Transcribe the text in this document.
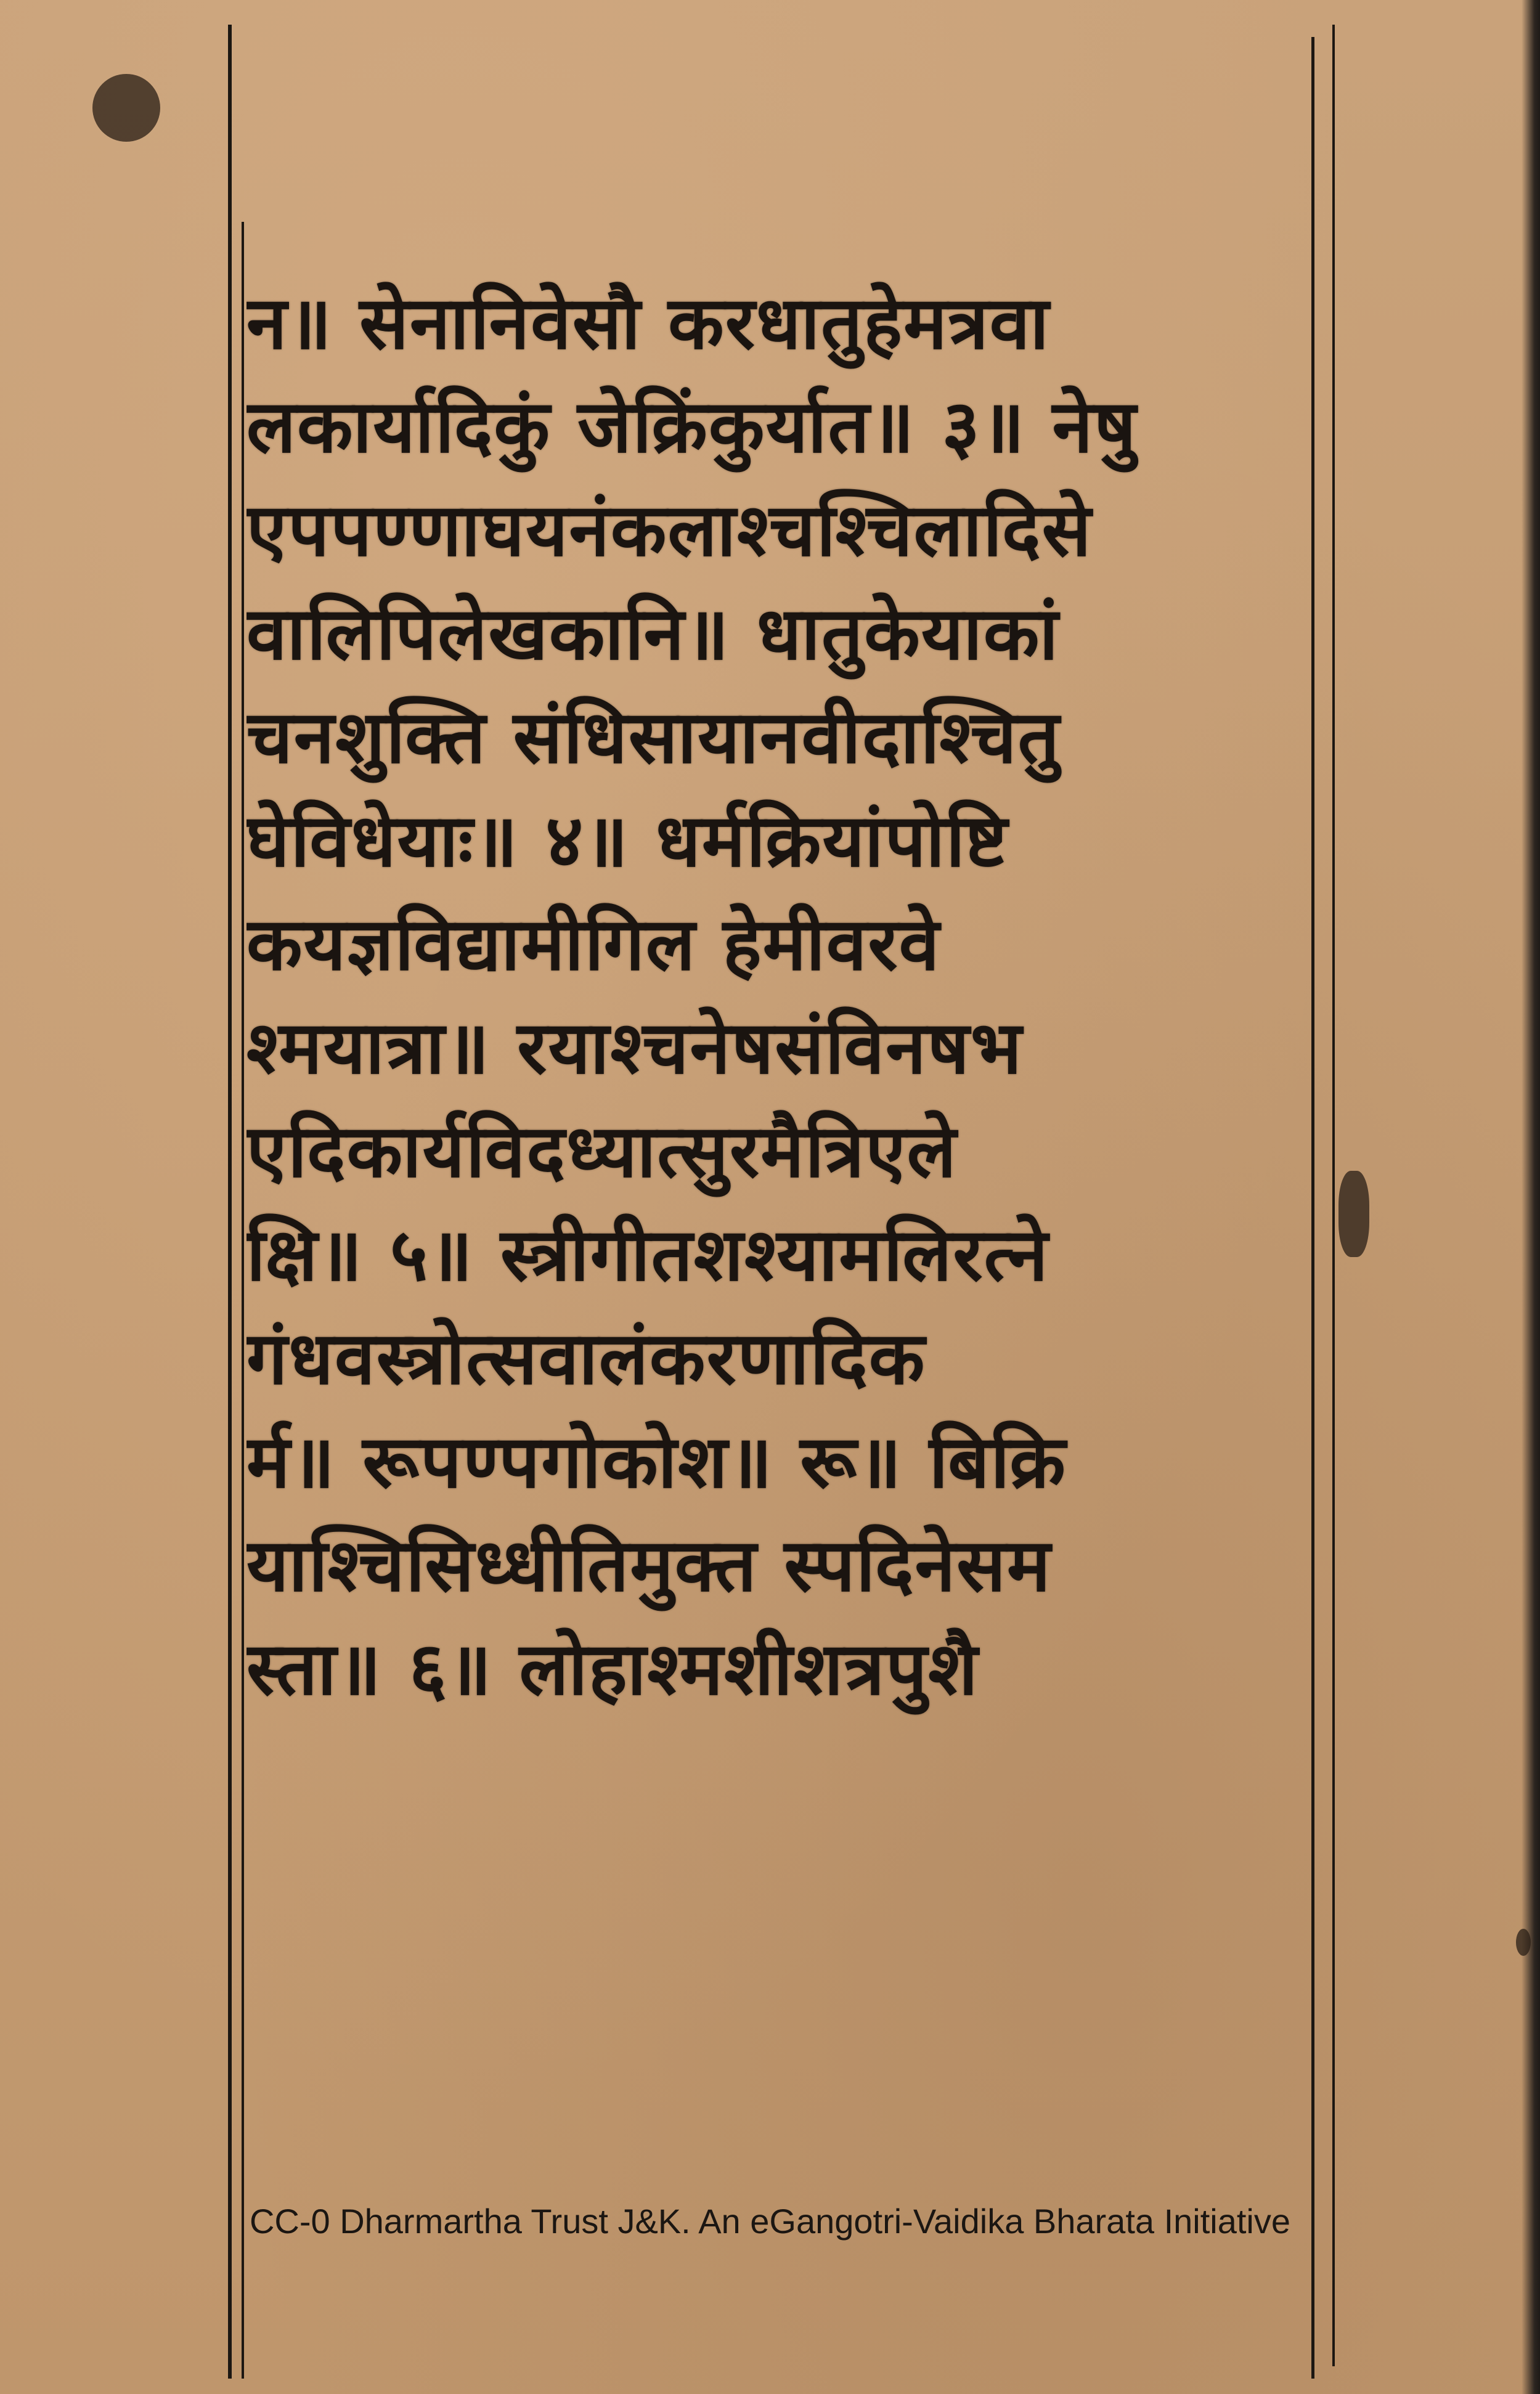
न॥ सेनानिवेसौ करधातुहेमत्रवा
लकार्यादिकुं जेक्रिंकुर्यात॥ ३॥ नेषु
एपपण्णाघयनंकलाश्चश्चिलादिसे
वालिपिलेखकानि॥ धातुकेयाकां
चनशुक्ति संधिसायानवीदाश्चितु
घेविधेयाः॥ ४॥ धर्मक्रियांपोष्टि
कयज्ञविद्यामीगिल हेमीवरवे
श्मयात्रा॥ रयाश्चनेषसंविनषभ
एदिकार्यविदध्यात्सुरमैत्रिएले
क्षि॥ ५॥ स्त्रीगीतशश्यामलिरत्ने
गंधवस्त्रोत्सवालंकरणादिक
र्म॥ रूपण्पगोकोश॥ रू॥ बिक्रि
याश्चिसिध्धीतिमुक्त स्पदिनेसम
स्ता॥ ६॥ लोहाश्मशीशत्रपुशै
CC-0 Dharmartha Trust J&K. An eGangotri-Vaidika Bharata Initiative
